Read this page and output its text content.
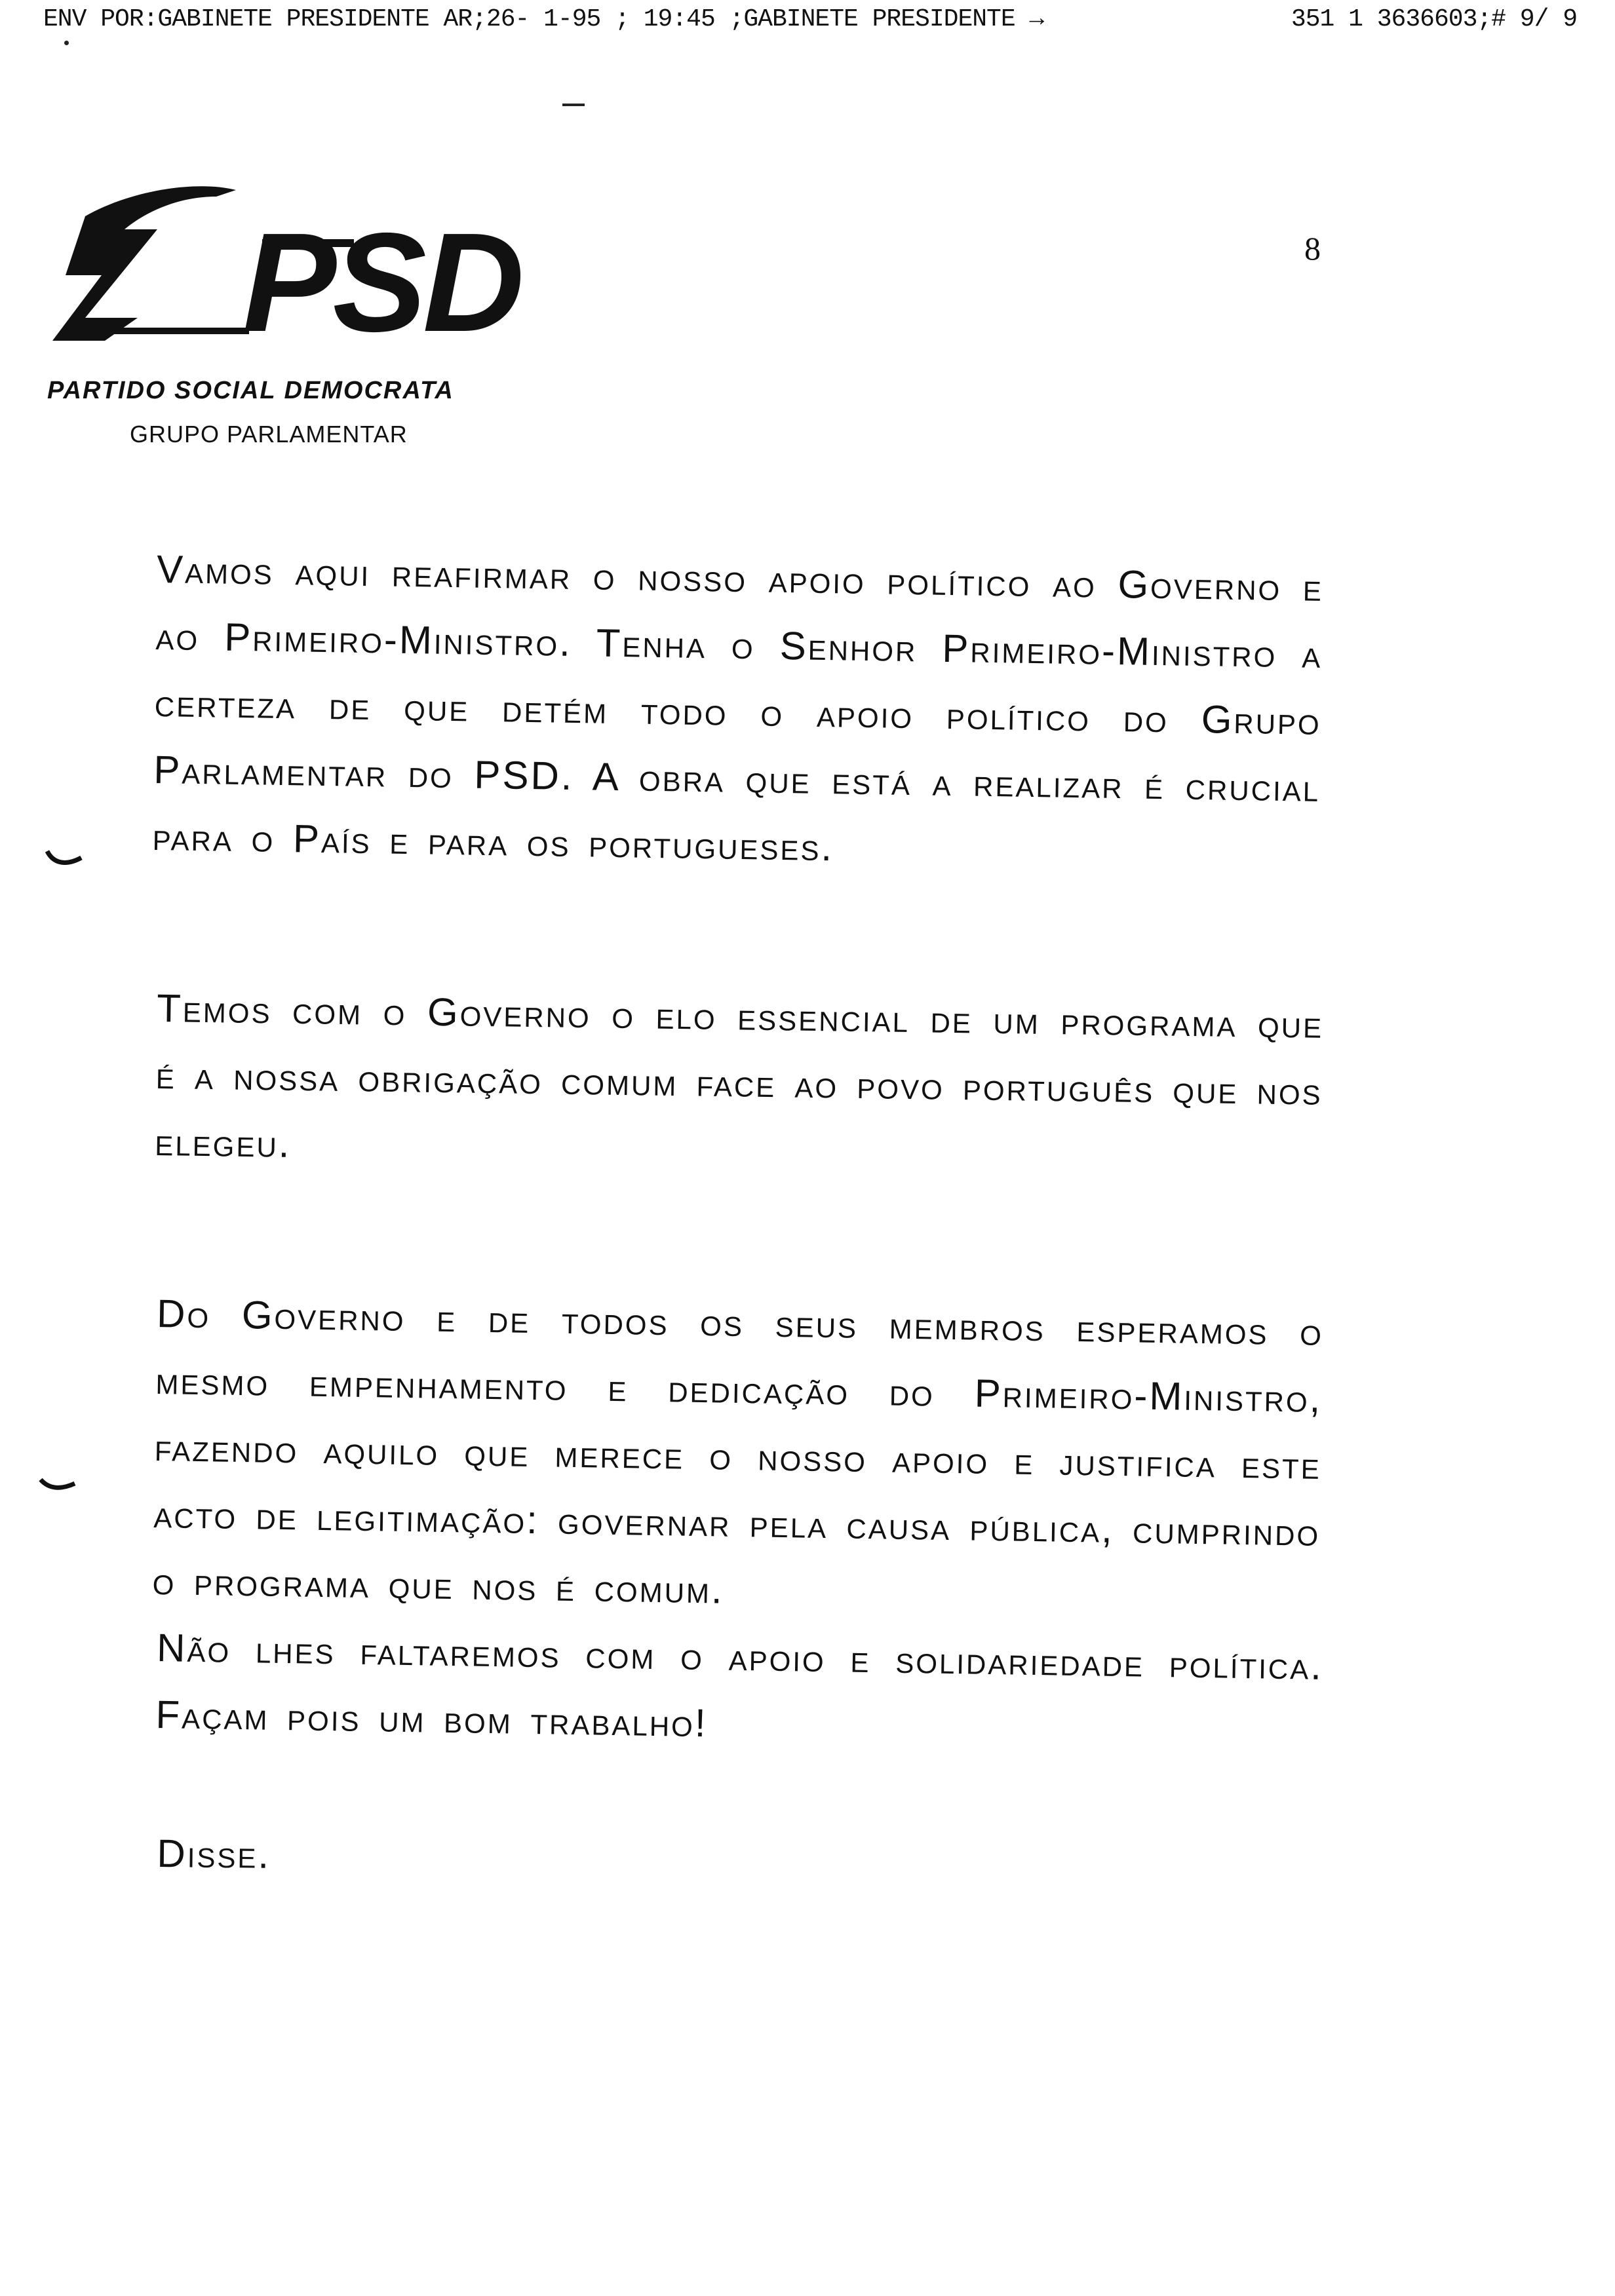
ENV POR:GABINETE PRESIDENTE AR;26- 1-95 ; 19:45 ;GABINETE PRESIDENTE →	351 1 3636603;# 9/ 9
PSD
PARTIDO SOCIAL DEMOCRATA
GRUPO PARLAMENTAR
8

Vamos aqui reafirmar o nosso apoio político ao Governo e ao Primeiro-Ministro. Tenha o Senhor Primeiro-Ministro a certeza de que detém todo o apoio político do Grupo Parlamentar do PSD. A obra que está a realizar é crucial para o País e para os portugueses.

Temos com o Governo o elo essencial de um programa que é a nossa obrigação comum face ao povo português que nos elegeu.

Do Governo e de todos os seus membros esperamos o mesmo empenhamento e dedicação do Primeiro-Ministro, fazendo aquilo que merece o nosso apoio e justifica este acto de legitimação: governar pela causa pública, cumprindo o programa que nos é comum.

Não lhes faltaremos com o apoio e solidariedade política. Façam pois um bom trabalho!

Disse.
